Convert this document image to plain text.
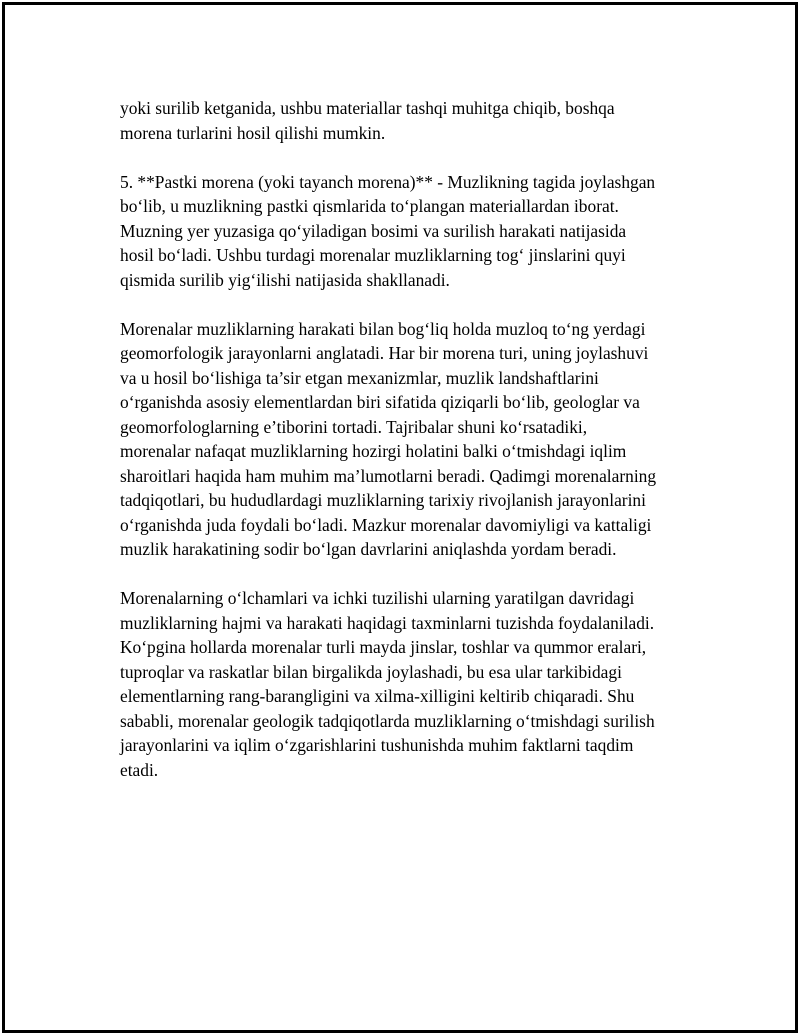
yoki surilib ketganida, ushbu materiallar tashqi muhitga chiqib, boshqa
morena turlarini hosil qilishi mumkin.

5. **Pastki morena (yoki tayanch morena)** - Muzlikning tagida joylashgan
bo‘lib, u muzlikning pastki qismlarida to‘plangan materiallardan iborat.
Muzning yer yuzasiga qo‘yiladigan bosimi va surilish harakati natijasida
hosil bo‘ladi. Ushbu turdagi morenalar muzliklarning tog‘ jinslarini quyi
qismida surilib yig‘ilishi natijasida shakllanadi.

Morenalar muzliklarning harakati bilan bog‘liq holda muzloq to‘ng yerdagi
geomorfologik jarayonlarni anglatadi. Har bir morena turi, uning joylashuvi
va u hosil bo‘lishiga ta’sir etgan mexanizmlar, muzlik landshaftlarini
o‘rganishda asosiy elementlardan biri sifatida qiziqarli bo‘lib, geologlar va
geomorfologlarning e’tiborini tortadi. Tajribalar shuni ko‘rsatadiki,
morenalar nafaqat muzliklarning hozirgi holatini balki o‘tmishdagi iqlim
sharoitlari haqida ham muhim ma’lumotlarni beradi. Qadimgi morenalarning
tadqiqotlari, bu hududlardagi muzliklarning tarixiy rivojlanish jarayonlarini
o‘rganishda juda foydali bo‘ladi. Mazkur morenalar davomiyligi va kattaligi
muzlik harakatining sodir bo‘lgan davrlarini aniqlashda yordam beradi.

Morenalarning o‘lchamlari va ichki tuzilishi ularning yaratilgan davridagi
muzliklarning hajmi va harakati haqidagi taxminlarni tuzishda foydalaniladi.
Ko‘pgina hollarda morenalar turli mayda jinslar, toshlar va qummor eralari,
tuproqlar va raskatlar bilan birgalikda joylashadi, bu esa ular tarkibidagi
elementlarning rang-barangligini va xilma-xilligini keltirib chiqaradi. Shu
sababli, morenalar geologik tadqiqotlarda muzliklarning o‘tmishdagi surilish
jarayonlarini va iqlim o‘zgarishlarini tushunishda muhim faktlarni taqdim
etadi.
